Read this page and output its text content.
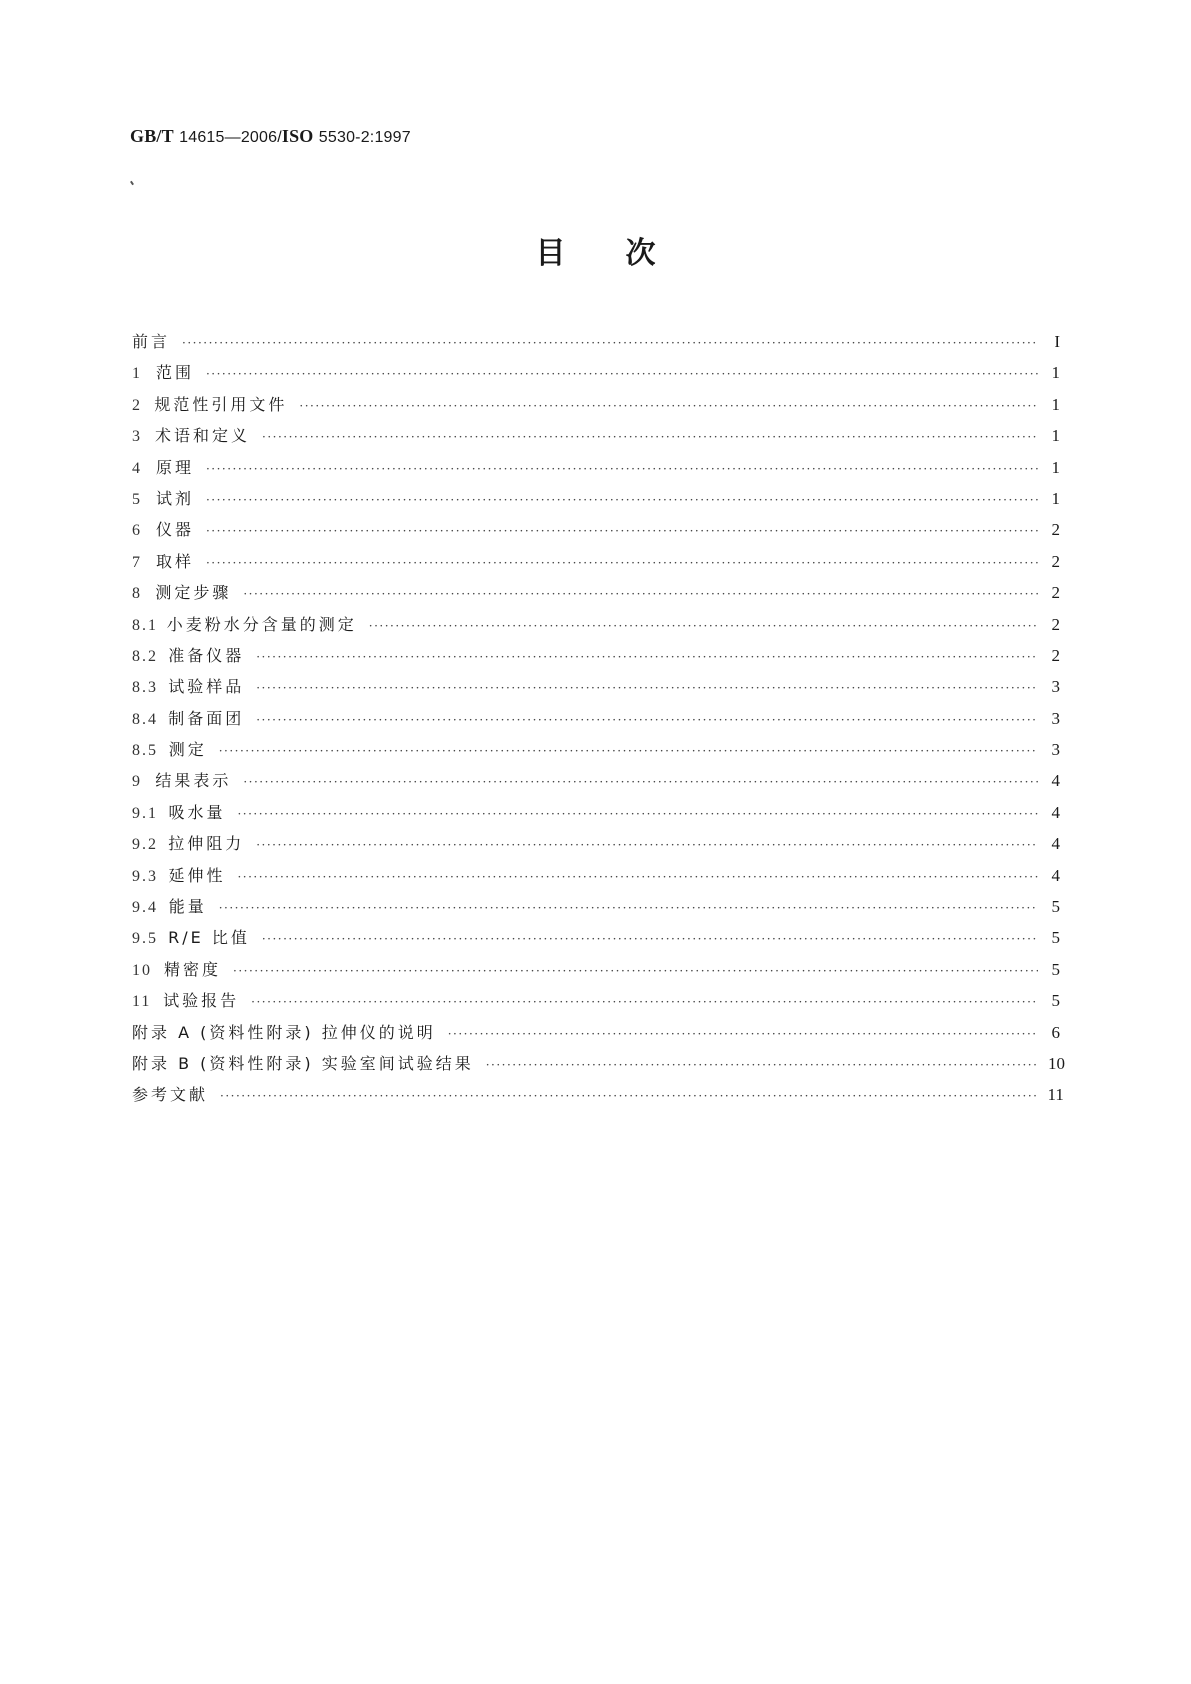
GB/T 14615—2006/ISO 5530-2:1997
目次
前言 ·····	I
1 范围 ·····	1
2 规范性引用文件 ·····	1
3 术语和定义 ·····	1
4 原理 ·····	1
5 试剂 ·····	1
6 仪器 ·····	2
7 取样 ·····	2
8 测定步骤 ·····	2
8.1 小麦粉水分含量的测定 ·····	2
8.2 准备仪器 ·····	2
8.3 试验样品 ·····	3
8.4 制备面团 ·····	3
8.5 测定 ·····	3
9 结果表示 ·····	4
9.1 吸水量 ·····	4
9.2 拉伸阻力 ·····	4
9.3 延伸性 ·····	4
9.4 能量 ·····	5
9.5 R/E 比值 ·····	5
10 精密度 ·····	5
11 试验报告 ·····	5
附录 A (资料性附录) 拉伸仪的说明 ·····	6
附录 B (资料性附录) 实验室间试验结果 ·····	10
参考文献 ·····	11
